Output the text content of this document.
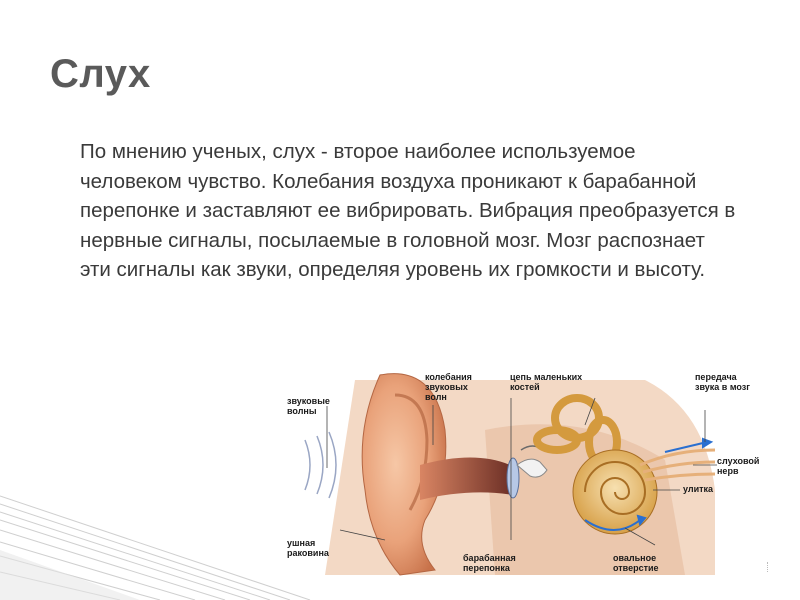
Слух

По мнению ученых, слух - второе наиболее используемое человеком чувство. Колебания воздуха проникают к барабанной перепонке и заставляют ее вибрировать. Вибрация преобразуется в нервные сигналы, посылаемые в головной мозг. Мозг распознает эти сигналы как звуки, определяя уровень их громкости и высоту.

звуковые
волны
колебания
звуковых
волн
цепь маленьких
костей
передача
звука в мозг
слуховой
нерв
улитка
ушная
раковина	барабанная
перепонка
овальное
отверстие
